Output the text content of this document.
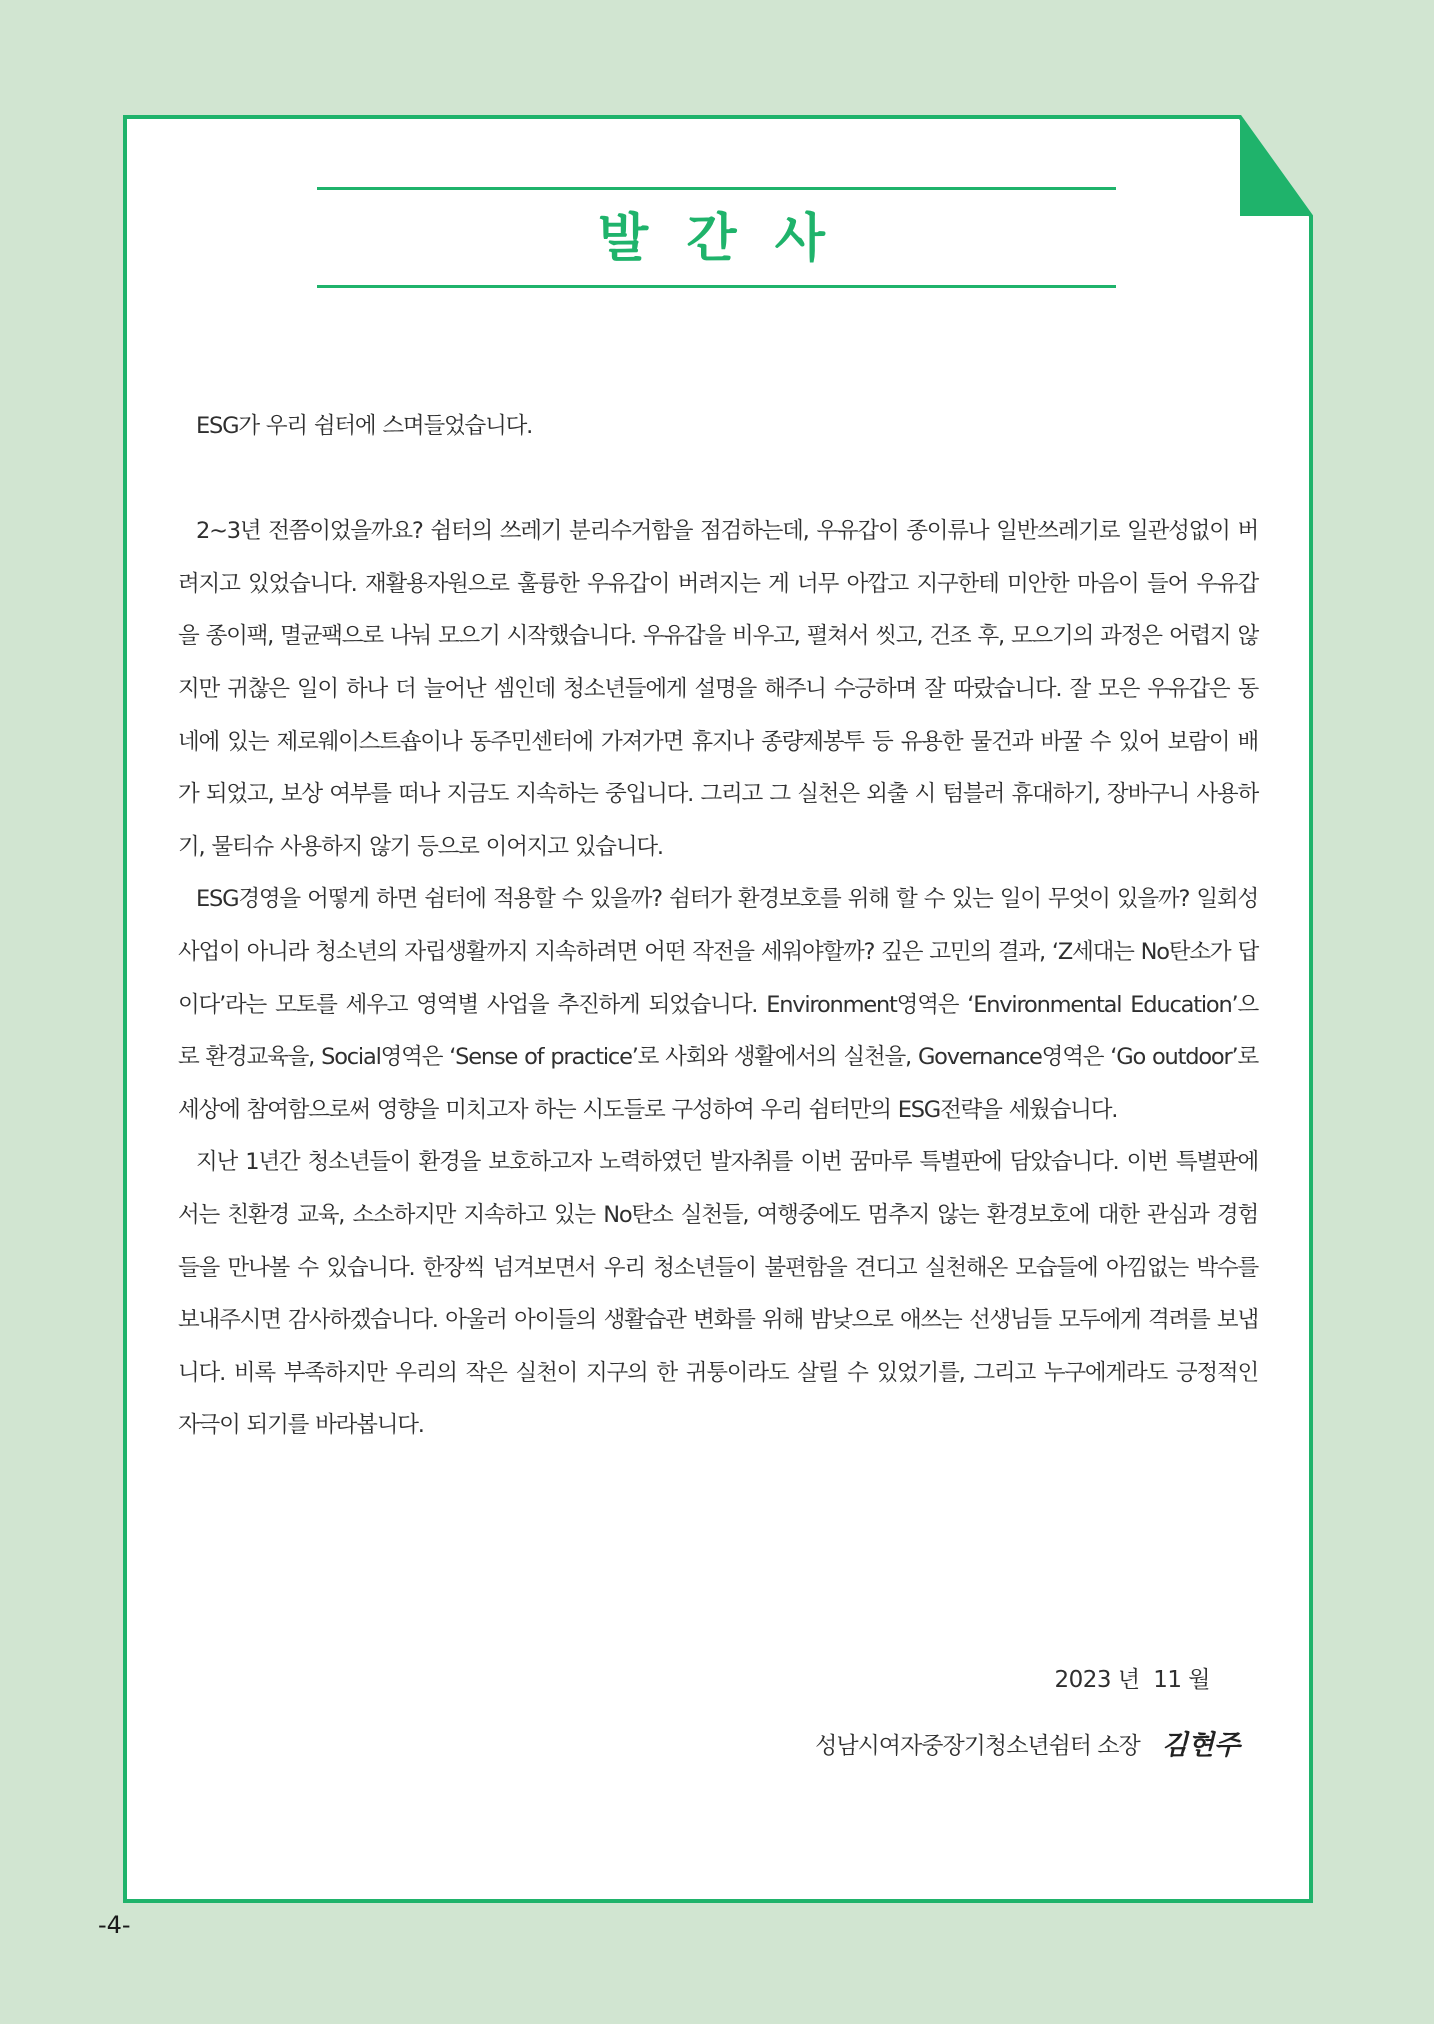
발 간 사

ESG가 우리 쉼터에 스며들었습니다.

2~3년 전쯤이었을까요? 쉼터의 쓰레기 분리수거함을 점검하는데, 우유갑이 종이류나 일반쓰레기로 일관성없이 버려지고 있었습니다. 재활용자원으로 훌륭한 우유갑이 버려지는 게 너무 아깝고 지구한테 미안한 마음이 들어 우유갑을 종이팩, 멸균팩으로 나눠 모으기 시작했습니다. 우유갑을 비우고, 펼쳐서 씻고, 건조 후, 모으기의 과정은 어렵지 않지만 귀찮은 일이 하나 더 늘어난 셈인데 청소년들에게 설명을 해주니 수긍하며 잘 따랐습니다. 잘 모은 우유갑은 동네에 있는 제로웨이스트숍이나 동주민센터에 가져가면 휴지나 종량제봉투 등 유용한 물건과 바꿀 수 있어 보람이 배가 되었고, 보상 여부를 떠나 지금도 지속하는 중입니다. 그리고 그 실천은 외출 시 텀블러 휴대하기, 장바구니 사용하기, 물티슈 사용하지 않기 등으로 이어지고 있습니다.

ESG경영을 어떻게 하면 쉼터에 적용할 수 있을까? 쉼터가 환경보호를 위해 할 수 있는 일이 무엇이 있을까? 일회성 사업이 아니라 청소년의 자립생활까지 지속하려면 어떤 작전을 세워야할까? 깊은 고민의 결과, ‘Z세대는 No탄소가 답이다’라는 모토를 세우고 영역별 사업을 추진하게 되었습니다. Environment영역은 ‘Environmental Education’으로 환경교육을, Social영역은 ‘Sense of practice’로 사회와 생활에서의 실천을, Governance영역은 ‘Go outdoor’로 세상에 참여함으로써 영향을 미치고자 하는 시도들로 구성하여 우리 쉼터만의 ESG전략을 세웠습니다.

지난 1년간 청소년들이 환경을 보호하고자 노력하였던 발자취를 이번 꿈마루 특별판에 담았습니다. 이번 특별판에서는 친환경 교육, 소소하지만 지속하고 있는 No탄소 실천들, 여행중에도 멈추지 않는 환경보호에 대한 관심과 경험들을 만나볼 수 있습니다. 한장씩 넘겨보면서 우리 청소년들이 불편함을 견디고 실천해온 모습들에 아낌없는 박수를 보내주시면 감사하겠습니다. 아울러 아이들의 생활습관 변화를 위해 밤낮으로 애쓰는 선생님들 모두에게 격려를 보냅니다. 비록 부족하지만 우리의 작은 실천이 지구의 한 귀퉁이라도 살릴 수 있었기를, 그리고 누구에게라도 긍정적인 자극이 되기를 바라봅니다.

2023 년  11 월
성남시여자중장기청소년쉼터 소장 김현주
-4-
